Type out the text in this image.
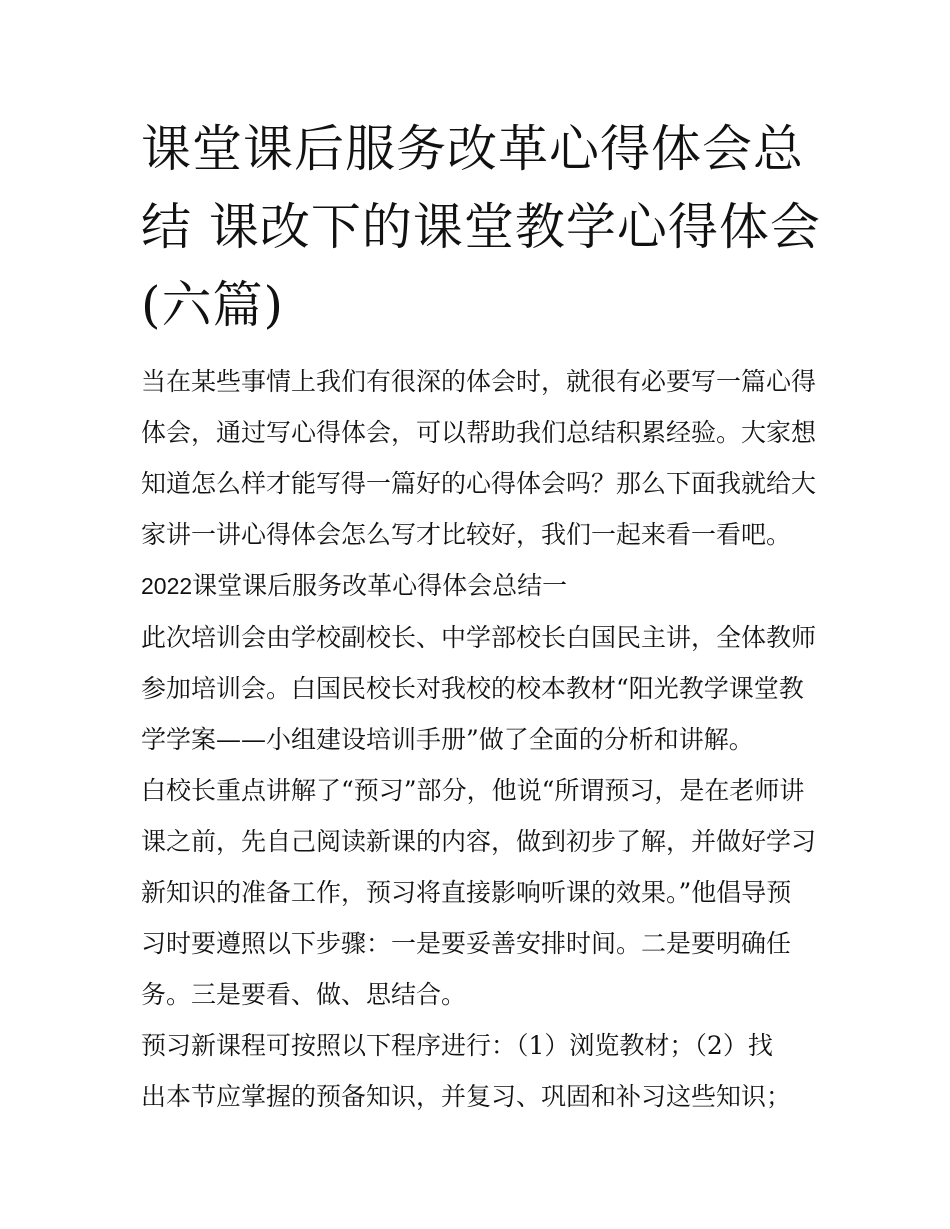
课堂课后服务改革心得体会总
结 课改下的课堂教学心得体会
(六篇)

当在某些事情上我们有很深的体会时，就很有必要写一篇心得
体会，通过写心得体会，可以帮助我们总结积累经验。大家想
知道怎么样才能写得一篇好的心得体会吗？那么下面我就给大
家讲一讲心得体会怎么写才比较好，我们一起来看一看吧。

2022课堂课后服务改革心得体会总结一

此次培训会由学校副校长、中学部校长白国民主讲，全体教师
参加培训会。白国民校长对我校的校本教材“阳光教学课堂教
学学案——小组建设培训手册”做了全面的分析和讲解。

白校长重点讲解了“预习”部分，他说“所谓预习，是在老师讲
课之前，先自己阅读新课的内容，做到初步了解，并做好学习
新知识的准备工作，预习将直接影响听课的效果。”他倡导预
习时要遵照以下步骤：一是要妥善安排时间。二是要明确任
务。三是要看、做、思结合。

预习新课程可按照以下程序进行：（1）浏览教材；（2）找
出本节应掌握的预备知识，并复习、巩固和补习这些知识；
